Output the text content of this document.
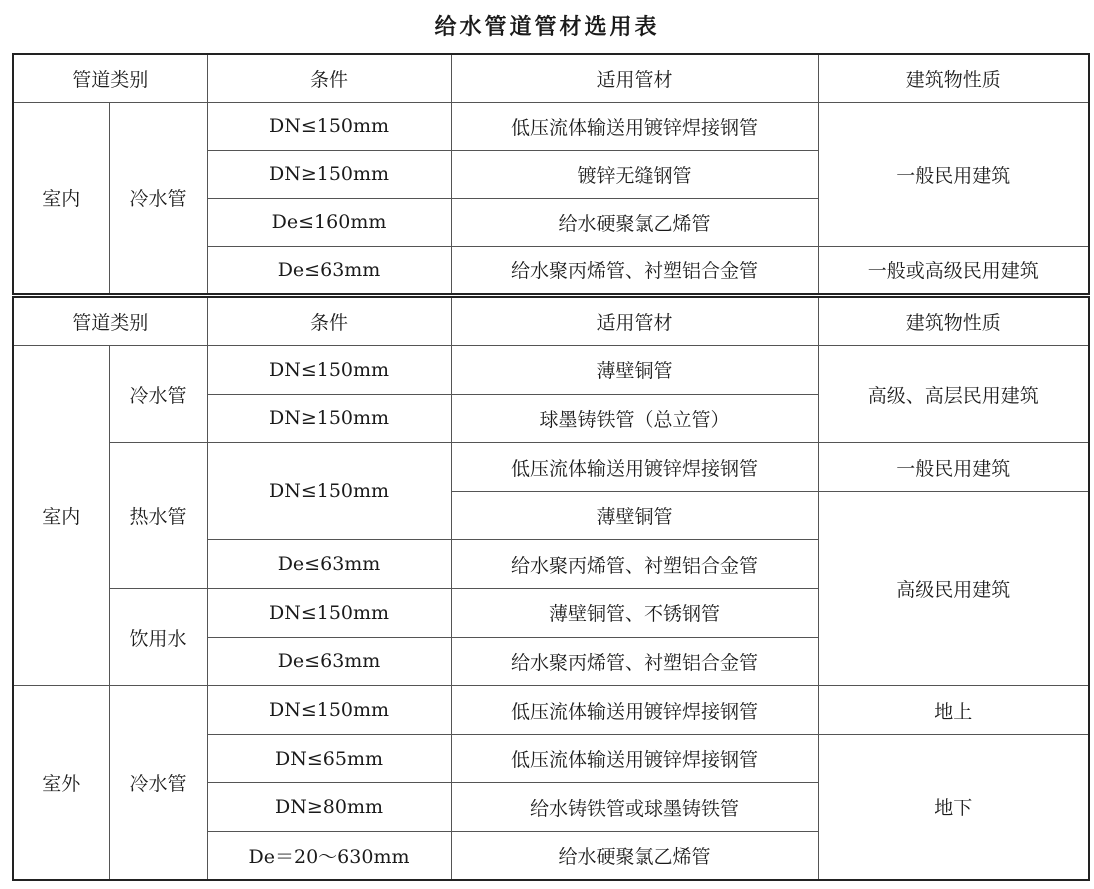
给水管道管材选用表
管道类别		条件	适用管材	建筑物性质
室内	冷水管	DN≤150mm	低压流体输送用镀锌焊接钢管	一般民用建筑
		DN≥150mm	镀锌无缝钢管	
		De≤160mm	给水硬聚氯乙烯管	
		De≤63mm	给水聚丙烯管、衬塑铝合金管	一般或高级民用建筑
管道类别		条件	适用管材	建筑物性质
室内	冷水管	DN≤150mm	薄壁铜管	高级、高层民用建筑
		DN≥150mm	球墨铸铁管（总立管）	
	热水管	DN≤150mm	低压流体输送用镀锌焊接钢管	一般民用建筑
			薄壁铜管	高级民用建筑
		De≤63mm	给水聚丙烯管、衬塑铝合金管	
	饮用水	DN≤150mm	薄壁铜管、不锈钢管	
		De≤63mm	给水聚丙烯管、衬塑铝合金管	
室外	冷水管	DN≤150mm	低压流体输送用镀锌焊接钢管	地上
		DN≤65mm	低压流体输送用镀锌焊接钢管	地下
		DN≥80mm	给水铸铁管或球墨铸铁管	
		De＝20～630mm	给水硬聚氯乙烯管	
